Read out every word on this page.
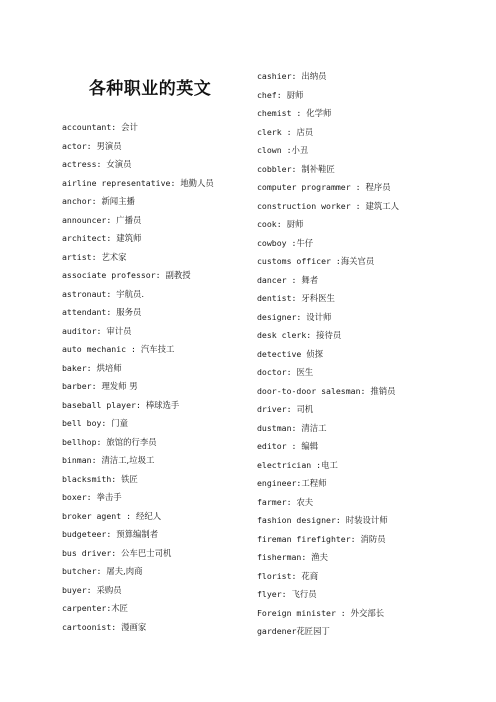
各种职业的英文
accountant: 会计
actor: 男演员
actress: 女演员
airline representative: 地勤人员
anchor: 新闻主播
announcer: 广播员
architect: 建筑师
artist: 艺术家
associate professor: 副教授
astronaut: 宇航员.
attendant: 服务员
auditor: 审计员
auto mechanic : 汽车技工
baker: 烘培师
barber: 理发师 男
baseball player: 棒球选手
bell boy: 门童
bellhop: 旅馆的行李员
binman: 清洁工,垃圾工
blacksmith: 铁匠
boxer: 拳击手
broker agent : 经纪人
budgeteer: 预算编制者
bus driver: 公车巴士司机
butcher: 屠夫,肉商
buyer: 采购员
carpenter:木匠
cartoonist: 漫画家
cashier: 出纳员
chef: 厨师
chemist : 化学师
clerk : 店员
clown :小丑
cobbler: 制补鞋匠
computer programmer : 程序员
construction worker : 建筑工人
cook: 厨师
cowboy :牛仔
customs officer :海关官员
dancer : 舞者
dentist: 牙科医生
designer: 设计师
desk clerk: 接待员
detective 侦探
doctor: 医生
door-to-door salesman: 推销员
driver: 司机
dustman: 清洁工
editor : 编辑
electrician :电工
engineer:工程师
farmer: 农夫
fashion designer: 时装设计师
fireman firefighter: 消防员
fisherman: 渔夫
florist: 花商
flyer: 飞行员
Foreign minister : 外交部长
gardener花匠园丁
